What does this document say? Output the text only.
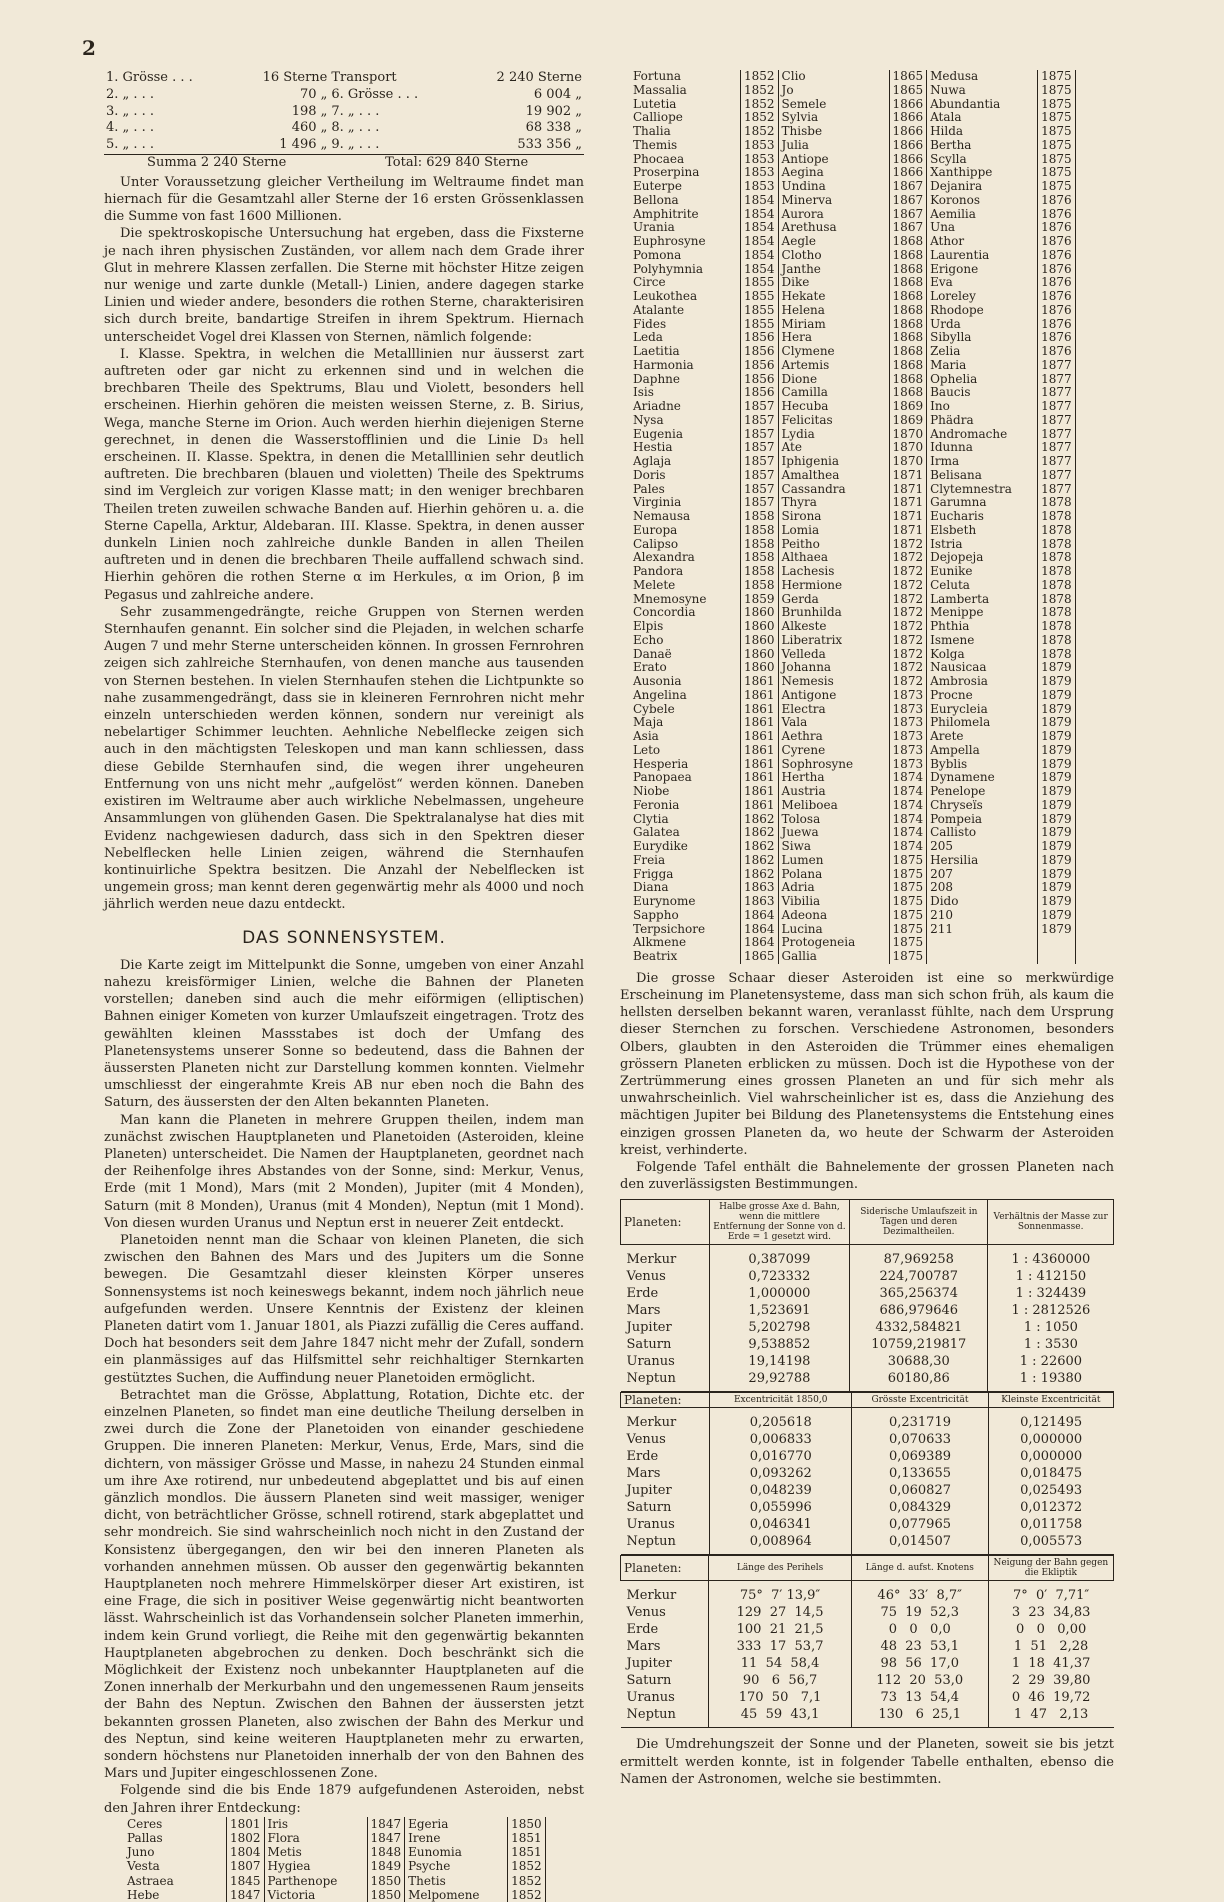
2
1. Grösse . . .	16 Sterne	Transport	2 240 Sterne
2. „ . . .	70 „	6. Grösse . . .	6 004 „
3. „ . . .	198 „	7. „ . . .	19 902 „
4. „ . . .	460 „	8. „ . . .	68 338 „
5. „ . . .	1 496 „	9. „ . . .	533 356 „
Summa 2 240 Sterne		Total: 629 840 Sterne	

Unter Voraussetzung gleicher Vertheilung im Weltraume findet man hiernach für die Gesamtzahl aller Sterne der 16 ersten Grössenklassen die Summe von fast 1600 Millionen.

Die spektroskopische Untersuchung hat ergeben, dass die Fixsterne je nach ihren physischen Zuständen, vor allem nach dem Grade ihrer Glut in mehrere Klassen zerfallen. Die Sterne mit höchster Hitze zeigen nur wenige und zarte dunkle (Metall-) Linien, andere dagegen starke Linien und wieder andere, besonders die rothen Sterne, charakterisiren sich durch breite, bandartige Streifen in ihrem Spektrum. Hiernach unterscheidet Vogel drei Klassen von Sternen, nämlich folgende:

I. Klasse. Spektra, in welchen die Metalllinien nur äusserst zart auftreten oder gar nicht zu erkennen sind und in welchen die brechbaren Theile des Spektrums, Blau und Violett, besonders hell erscheinen. Hierhin gehören die meisten weissen Sterne, z. B. Sirius, Wega, manche Sterne im Orion. Auch werden hierhin diejenigen Sterne gerechnet, in denen die Wasserstofflinien und die Linie D₃ hell erscheinen. II. Klasse. Spektra, in denen die Metalllinien sehr deutlich auftreten. Die brechbaren (blauen und violetten) Theile des Spektrums sind im Vergleich zur vorigen Klasse matt; in den weniger brechbaren Theilen treten zuweilen schwache Banden auf. Hierhin gehören u. a. die Sterne Capella, Arktur, Aldebaran. III. Klasse. Spektra, in denen ausser dunkeln Linien noch zahlreiche dunkle Banden in allen Theilen auftreten und in denen die brechbaren Theile auffallend schwach sind. Hierhin gehören die rothen Sterne α im Herkules, α im Orion, β im Pegasus und zahlreiche andere.

Sehr zusammengedrängte, reiche Gruppen von Sternen werden Sternhaufen genannt. Ein solcher sind die Plejaden, in welchen scharfe Augen 7 und mehr Sterne unterscheiden können. In grossen Fernrohren zeigen sich zahlreiche Sternhaufen, von denen manche aus tausenden von Sternen bestehen. In vielen Sternhaufen stehen die Lichtpunkte so nahe zusammengedrängt, dass sie in kleineren Fernrohren nicht mehr einzeln unterschieden werden können, sondern nur vereinigt als nebelartiger Schimmer leuchten. Aehnliche Nebelflecke zeigen sich auch in den mächtigsten Teleskopen und man kann schliessen, dass diese Gebilde Sternhaufen sind, die wegen ihrer ungeheuren Entfernung von uns nicht mehr „aufgelöst“ werden können. Daneben existiren im Weltraume aber auch wirkliche Nebelmassen, ungeheure Ansammlungen von glühenden Gasen. Die Spektralanalyse hat dies mit Evidenz nachgewiesen dadurch, dass sich in den Spektren dieser Nebelflecken helle Linien zeigen, während die Sternhaufen kontinuirliche Spektra besitzen. Die Anzahl der Nebelflecken ist ungemein gross; man kennt deren gegenwärtig mehr als 4000 und noch jährlich werden neue dazu entdeckt.

DAS SONNENSYSTEM.

Die Karte zeigt im Mittelpunkt die Sonne, umgeben von einer Anzahl nahezu kreisförmiger Linien, welche die Bahnen der Planeten vorstellen; daneben sind auch die mehr eiförmigen (elliptischen) Bahnen einiger Kometen von kurzer Umlaufszeit eingetragen. Trotz des gewählten kleinen Massstabes ist doch der Umfang des Planetensystems unserer Sonne so bedeutend, dass die Bahnen der äussersten Planeten nicht zur Darstellung kommen konnten. Vielmehr umschliesst der eingerahmte Kreis AB nur eben noch die Bahn des Saturn, des äussersten der den Alten bekannten Planeten.

Man kann die Planeten in mehrere Gruppen theilen, indem man zunächst zwischen Hauptplaneten und Planetoiden (Asteroiden, kleine Planeten) unterscheidet. Die Namen der Hauptplaneten, geordnet nach der Reihenfolge ihres Abstandes von der Sonne, sind: Merkur, Venus, Erde (mit 1 Mond), Mars (mit 2 Monden), Jupiter (mit 4 Monden), Saturn (mit 8 Monden), Uranus (mit 4 Monden), Neptun (mit 1 Mond). Von diesen wurden Uranus und Neptun erst in neuerer Zeit entdeckt.

Planetoiden nennt man die Schaar von kleinen Planeten, die sich zwischen den Bahnen des Mars und des Jupiters um die Sonne bewegen. Die Gesamtzahl dieser kleinsten Körper unseres Sonnensystems ist noch keineswegs bekannt, indem noch jährlich neue aufgefunden werden. Unsere Kenntnis der Existenz der kleinen Planeten datirt vom 1. Januar 1801, als Piazzi zufällig die Ceres auffand. Doch hat besonders seit dem Jahre 1847 nicht mehr der Zufall, sondern ein planmässiges auf das Hilfsmittel sehr reichhaltiger Sternkarten gestütztes Suchen, die Auffindung neuer Planetoiden ermöglicht.

Betrachtet man die Grösse, Abplattung, Rotation, Dichte etc. der einzelnen Planeten, so findet man eine deutliche Theilung derselben in zwei durch die Zone der Planetoiden von einander geschiedene Gruppen. Die inneren Planeten: Merkur, Venus, Erde, Mars, sind die dichtern, von mässiger Grösse und Masse, in nahezu 24 Stunden einmal um ihre Axe rotirend, nur unbedeutend abgeplattet und bis auf einen gänzlich mondlos. Die äussern Planeten sind weit massiger, weniger dicht, von beträchtlicher Grösse, schnell rotirend, stark abgeplattet und sehr mondreich. Sie sind wahrscheinlich noch nicht in den Zustand der Konsistenz übergegangen, den wir bei den inneren Planeten als vorhanden annehmen müssen. Ob ausser den gegenwärtig bekannten Hauptplaneten noch mehrere Himmelskörper dieser Art existiren, ist eine Frage, die sich in positiver Weise gegenwärtig nicht beantworten lässt. Wahrscheinlich ist das Vorhandensein solcher Planeten immerhin, indem kein Grund vorliegt, die Reihe mit den gegenwärtig bekannten Hauptplaneten abgebrochen zu denken. Doch beschränkt sich die Möglichkeit der Existenz noch unbekannter Hauptplaneten auf die Zonen innerhalb der Merkurbahn und den ungemessenen Raum jenseits der Bahn des Neptun. Zwischen den Bahnen der äussersten jetzt bekannten grossen Planeten, also zwischen der Bahn des Merkur und des Neptun, sind keine weiteren Hauptplaneten mehr zu erwarten, sondern höchstens nur Planetoiden innerhalb der von den Bahnen des Mars und Jupiter eingeschlossenen Zone.

Folgende sind die bis Ende 1879 aufgefundenen Asteroiden, nebst den Jahren ihrer Entdeckung:

Ceres	1801	Iris	1847	Egeria	1850
Pallas	1802	Flora	1847	Irene	1851
Juno	1804	Metis	1848	Eunomia	1851
Vesta	1807	Hygiea	1849	Psyche	1852
Astraea	1845	Parthenope	1850	Thetis	1852
Hebe	1847	Victoria	1850	Melpomene	1852
Fortuna	1852	Clio	1865	Medusa	1875
Massalia	1852	Jo	1865	Nuwa	1875
Lutetia	1852	Semele	1866	Abundantia	1875
Calliope	1852	Sylvia	1866	Atala	1875
Thalia	1852	Thisbe	1866	Hilda	1875
Themis	1853	Julia	1866	Bertha	1875
Phocaea	1853	Antiope	1866	Scylla	1875
Proserpina	1853	Aegina	1866	Xanthippe	1875
Euterpe	1853	Undina	1867	Dejanira	1875
Bellona	1854	Minerva	1867	Koronos	1876
Amphitrite	1854	Aurora	1867	Aemilia	1876
Urania	1854	Arethusa	1867	Una	1876
Euphrosyne	1854	Aegle	1868	Athor	1876
Pomona	1854	Clotho	1868	Laurentia	1876
Polyhymnia	1854	Janthe	1868	Erigone	1876
Circe	1855	Dike	1868	Eva	1876
Leukothea	1855	Hekate	1868	Loreley	1876
Atalante	1855	Helena	1868	Rhodope	1876
Fides	1855	Miriam	1868	Urda	1876
Leda	1856	Hera	1868	Sibylla	1876
Laetitia	1856	Clymene	1868	Zelia	1876
Harmonia	1856	Artemis	1868	Maria	1877
Daphne	1856	Dione	1868	Ophelia	1877
Isis	1856	Camilla	1868	Baucis	1877
Ariadne	1857	Hecuba	1869	Ino	1877
Nysa	1857	Felicitas	1869	Phädra	1877
Eugenia	1857	Lydia	1870	Andromache	1877
Hestia	1857	Ate	1870	Idunna	1877
Aglaja	1857	Iphigenia	1870	Irma	1877
Doris	1857	Amalthea	1871	Belisana	1877
Pales	1857	Cassandra	1871	Clytemnestra	1877
Virginia	1857	Thyra	1871	Garumna	1878
Nemausa	1858	Sirona	1871	Eucharis	1878
Europa	1858	Lomia	1871	Elsbeth	1878
Calipso	1858	Peitho	1872	Istria	1878
Alexandra	1858	Althaea	1872	Dejopeja	1878
Pandora	1858	Lachesis	1872	Eunike	1878
Melete	1858	Hermione	1872	Celuta	1878
Mnemosyne	1859	Gerda	1872	Lamberta	1878
Concordia	1860	Brunhilda	1872	Menippe	1878
Elpis	1860	Alkeste	1872	Phthia	1878
Echo	1860	Liberatrix	1872	Ismene	1878
Danaë	1860	Velleda	1872	Kolga	1878
Erato	1860	Johanna	1872	Nausicaa	1879
Ausonia	1861	Nemesis	1872	Ambrosia	1879
Angelina	1861	Antigone	1873	Procne	1879
Cybele	1861	Electra	1873	Eurycleia	1879
Maja	1861	Vala	1873	Philomela	1879
Asia	1861	Aethra	1873	Arete	1879
Leto	1861	Cyrene	1873	Ampella	1879
Hesperia	1861	Sophrosyne	1873	Byblis	1879
Panopaea	1861	Hertha	1874	Dynamene	1879
Niobe	1861	Austria	1874	Penelope	1879
Feronia	1861	Meliboea	1874	Chryseïs	1879
Clytia	1862	Tolosa	1874	Pompeia	1879
Galatea	1862	Juewa	1874	Callisto	1879
Eurydike	1862	Siwa	1874	205	1879
Freia	1862	Lumen	1875	Hersilia	1879
Frigga	1862	Polana	1875	207	1879
Diana	1863	Adria	1875	208	1879
Eurynome	1863	Vibilia	1875	Dido	1879
Sappho	1864	Adeona	1875	210	1879
Terpsichore	1864	Lucina	1875	211	1879
Alkmene	1864	Protogeneia	1875		
Beatrix	1865	Gallia	1875		

Die grosse Schaar dieser Asteroiden ist eine so merkwürdige Erscheinung im Planetensysteme, dass man sich schon früh, als kaum die hellsten derselben bekannt waren, veranlasst fühlte, nach dem Ursprung dieser Sternchen zu forschen. Verschiedene Astronomen, besonders Olbers, glaubten in den Asteroiden die Trümmer eines ehemaligen grössern Planeten erblicken zu müssen. Doch ist die Hypothese von der Zertrümmerung eines grossen Planeten an und für sich mehr als unwahrscheinlich. Viel wahrscheinlicher ist es, dass die Anziehung des mächtigen Jupiter bei Bildung des Planetensystems die Entstehung eines einzigen grossen Planeten da, wo heute der Schwarm der Asteroiden kreist, verhinderte.

Folgende Tafel enthält die Bahnelemente der grossen Planeten nach den zuverlässigsten Bestimmungen.

Planeten:	Halbe grosse Axe d. Bahn, wenn die mittlere Entfernung der Sonne von d. Erde = 1 gesetzt wird.	Siderische Umlaufszeit in Tagen und deren Dezimaltheilen.	Verhältnis der Masse zur Sonnenmasse.
Merkur	0,387099	87,969258	1 : 4360000
Venus	0,723332	224,700787	1 : 412150
Erde	1,000000	365,256374	1 : 324439
Mars	1,523691	686,979646	1 : 2812526
Jupiter	5,202798	4332,584821	1 : 1050
Saturn	9,538852	10759,219817	1 : 3530
Uranus	19,14198	30688,30	1 : 22600
Neptun	29,92788	60180,86	1 : 19380
Planeten:	Excentricität 1850,0	Grösste Excentricität	Kleinste Excentricität
Merkur	0,205618	0,231719	0,121495
Venus	0,006833	0,070633	0,000000
Erde	0,016770	0,069389	0,000000
Mars	0,093262	0,133655	0,018475
Jupiter	0,048239	0,060827	0,025493
Saturn	0,055996	0,084329	0,012372
Uranus	0,046341	0,077965	0,011758
Neptun	0,008964	0,014507	0,005573
Planeten:	Länge des Perihels	Länge d. aufst. Knotens	Neigung der Bahn gegen die Ekliptik
Merkur	75°  7′ 13,9″	46°  33′  8,7″	7°  0′  7,71″
Venus	129  27  14,5	75  19  52,3	3  23  34,83
Erde	100  21  21,5	0   0   0,0	0   0   0,00
Mars	333  17  53,7	48  23  53,1	1  51   2,28
Jupiter	11  54  58,4	98  56  17,0	1  18  41,37
Saturn	90   6  56,7	112  20  53,0	2  29  39,80
Uranus	170  50   7,1	73  13  54,4	0  46  19,72
Neptun	45  59  43,1	130   6  25,1	1  47   2,13

Die Umdrehungszeit der Sonne und der Planeten, soweit sie bis jetzt ermittelt werden konnte, ist in folgender Tabelle enthalten, ebenso die Namen der Astronomen, welche sie bestimmten.
